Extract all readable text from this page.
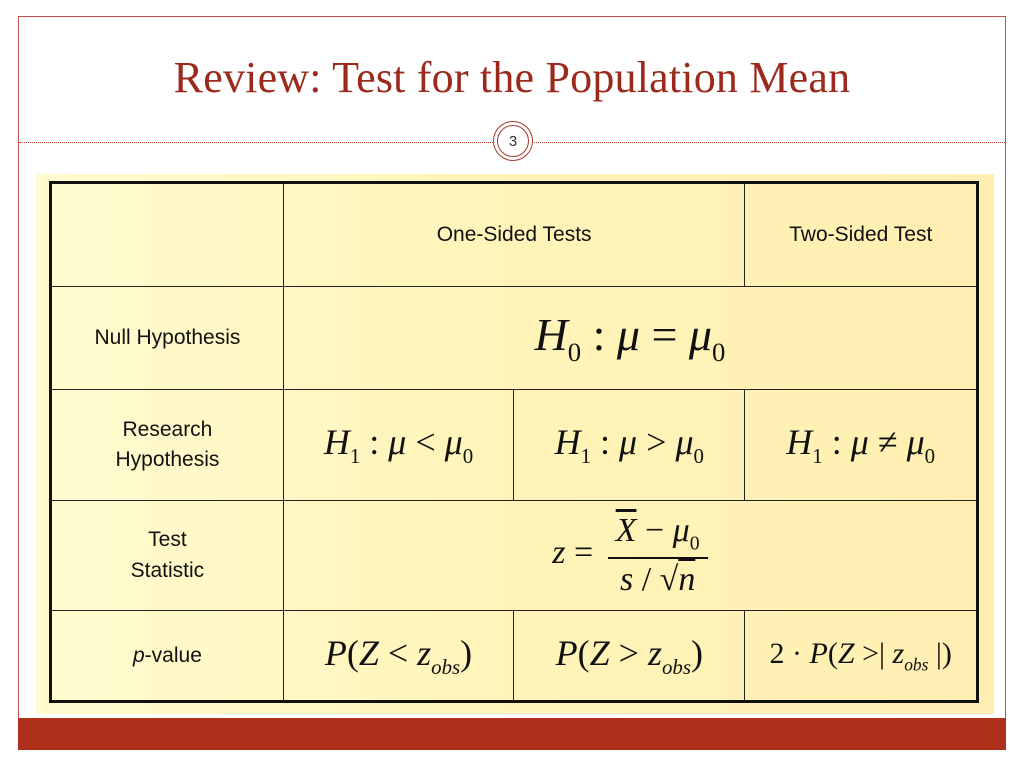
Review: Test for the Population Mean
3
	One-Sided Tests		Two-Sided Test
Null Hypothesis	$H_0$ : $\mu = \mu_0$
Research
Hypothesis	$H_1$ : $\mu < \mu_0$	$H_1$ : $\mu > \mu_0$	$H_1$ : $\mu \ne \mu_0$
Test
Statistic	$z = \frac{\overline{X} - \mu_0}{s / √n}$

p-value	$P(Z < z_{obs})$	$P(Z > z_{obs})$	2 · P(Z >| $z_{obs}$ |)
